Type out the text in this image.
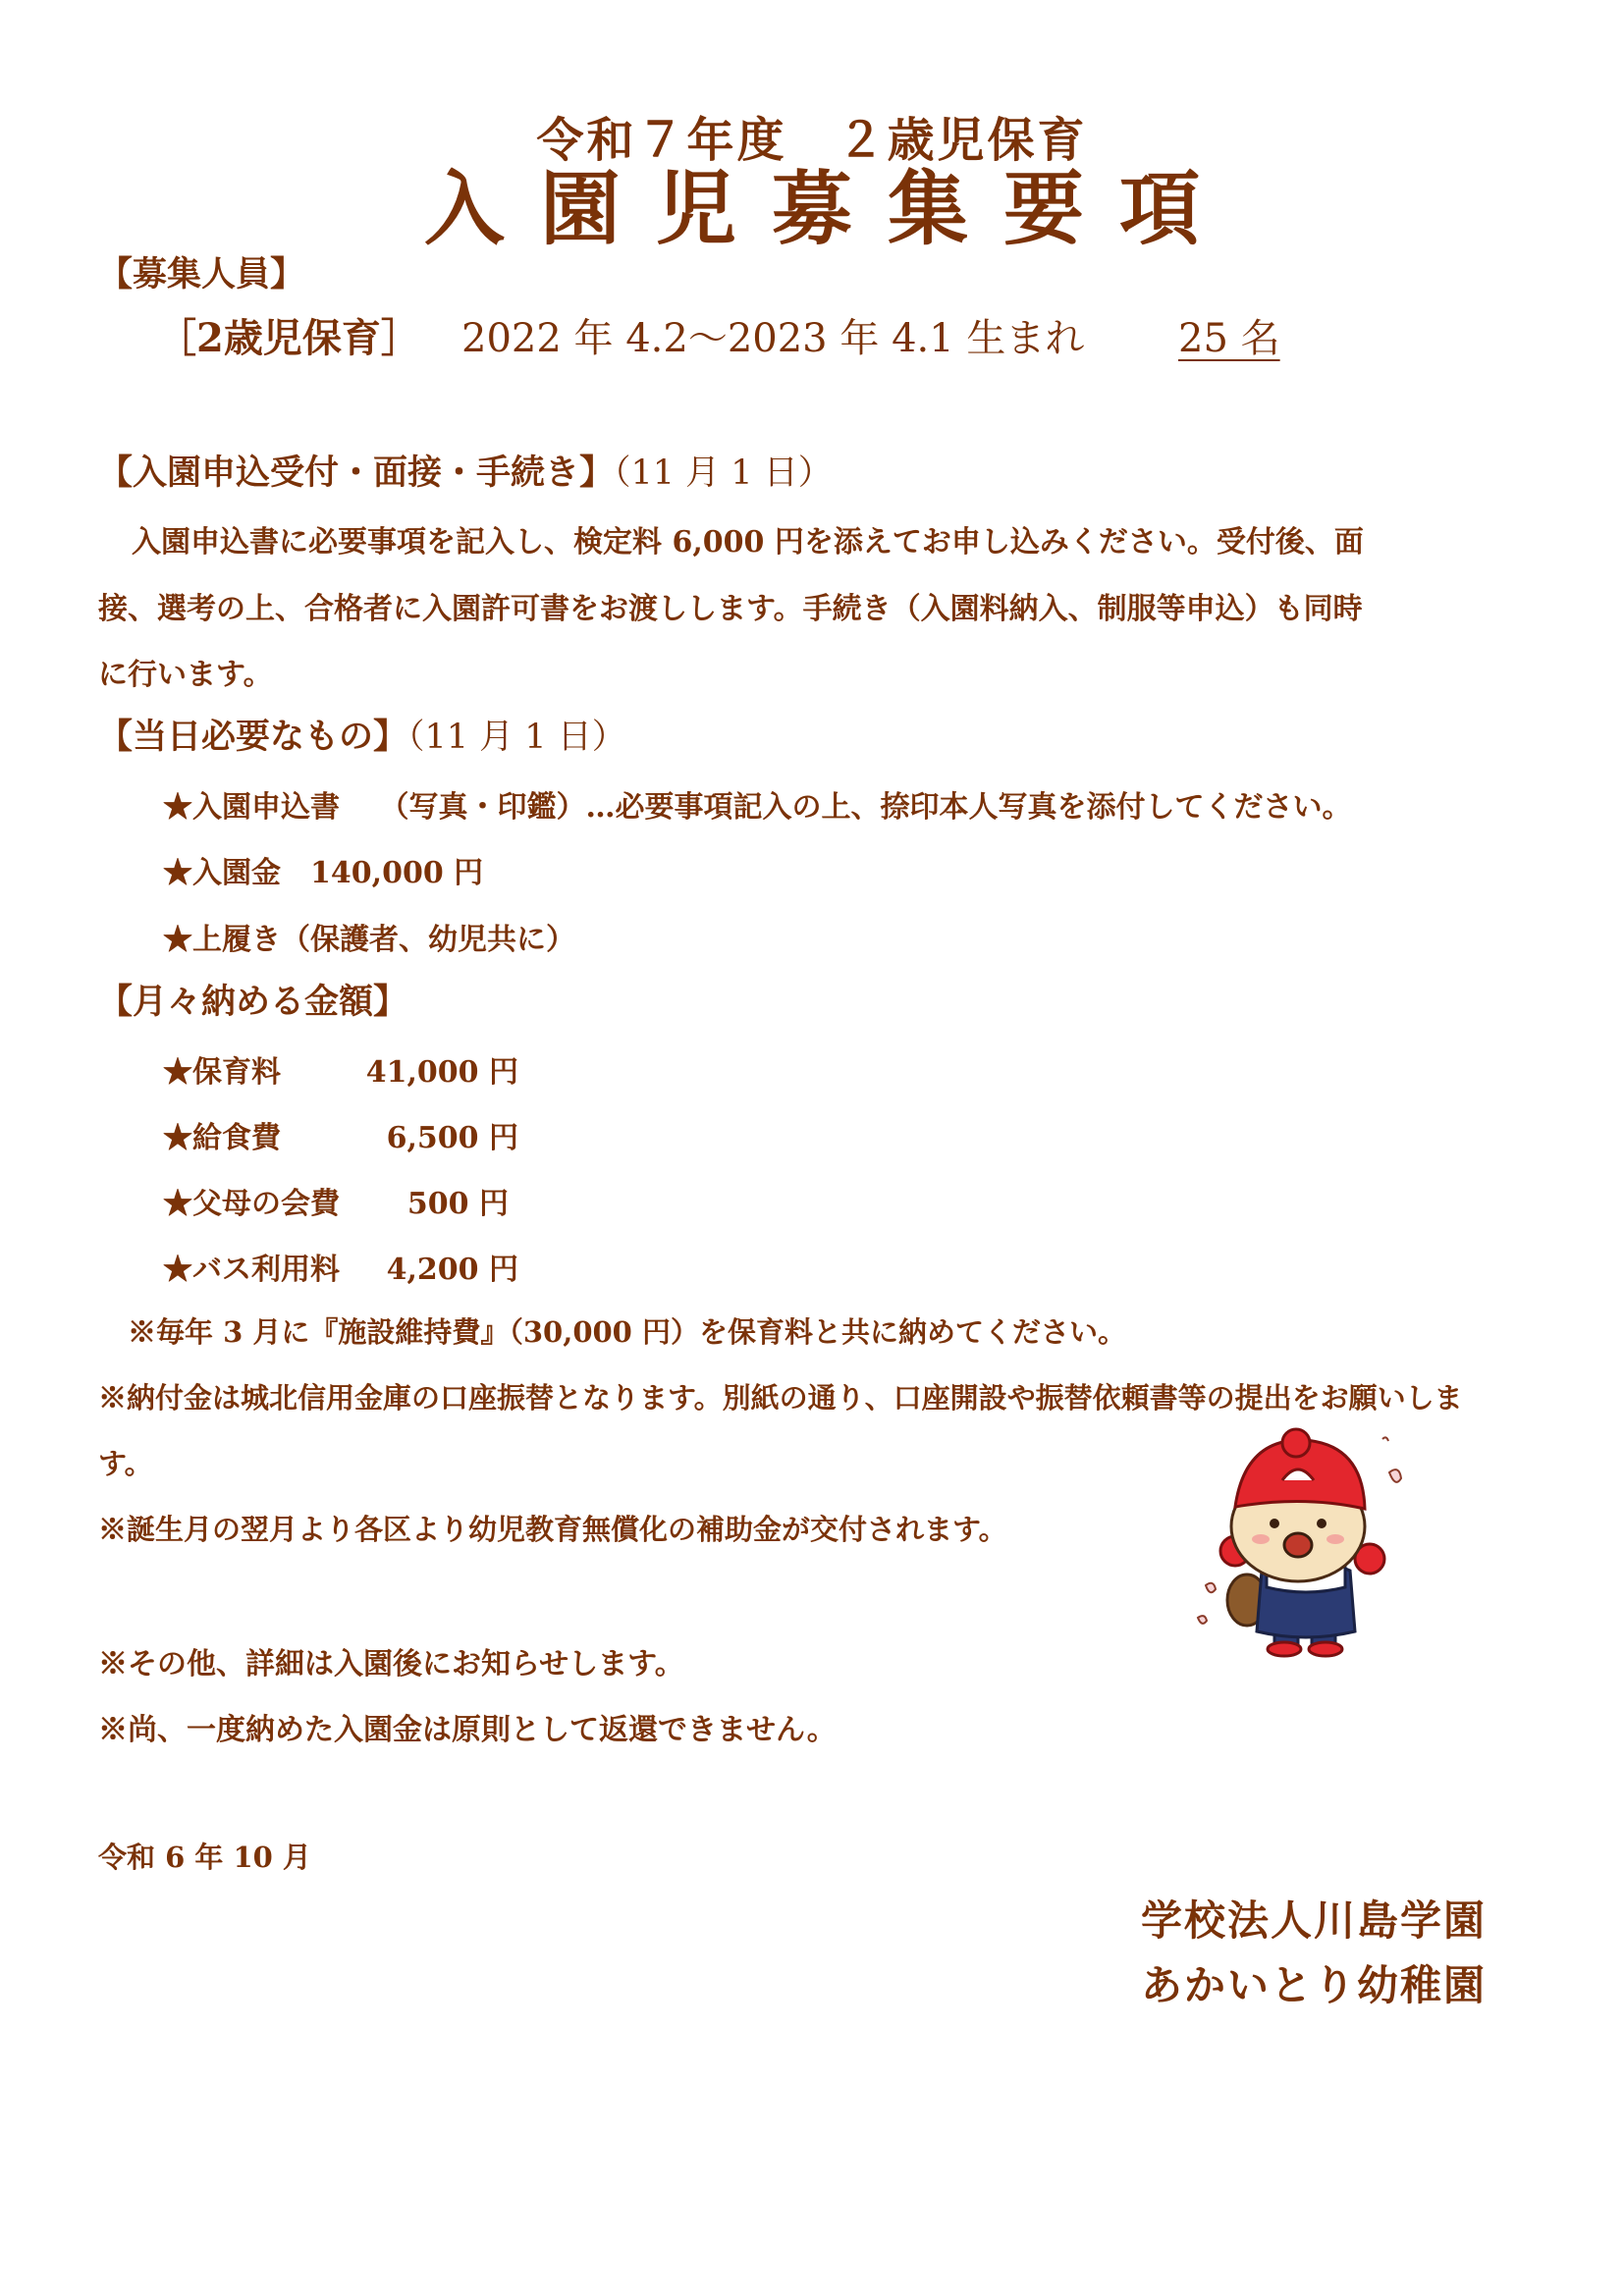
令和７年度　２歳児保育
入園児募集要項
【募集人員】
［2歳児保育］ 2022 年 4.2～2023 年 4.1 生まれ 25 名
【入園申込受付・面接・手続き】（11 月 1 日）
入園申込書に必要事項を記入し、検定料 6,000 円を添えてお申し込みください。受付後、面
接、選考の上、合格者に入園許可書をお渡しします。手続き（入園料納入、制服等申込）も同時
に行います。
【当日必要なもの】（11 月 1 日）
★入園申込書　 （写真・印鑑）…必要事項記入の上、捺印本人写真を添付してください。
★入園金　140,000 円
★上履き（保護者、幼児共に）
【月々納める金額】
★保育料	41,000 円
★給食費	6,500 円
★父母の会費	500 円
★バス利用料	4,200 円
※毎年 3 月に『施設維持費』（30,000 円）を保育料と共に納めてください。
※納付金は城北信用金庫の口座振替となります。別紙の通り、口座開設や振替依頼書等の提出をお願いしま
す。
※誕生月の翌月より各区より幼児教育無償化の補助金が交付されます。
※その他、詳細は入園後にお知らせします。
※尚、一度納めた入園金は原則として返還できません。
令和 6 年 10 月
学校法人川島学園
あかいとり幼稚園
